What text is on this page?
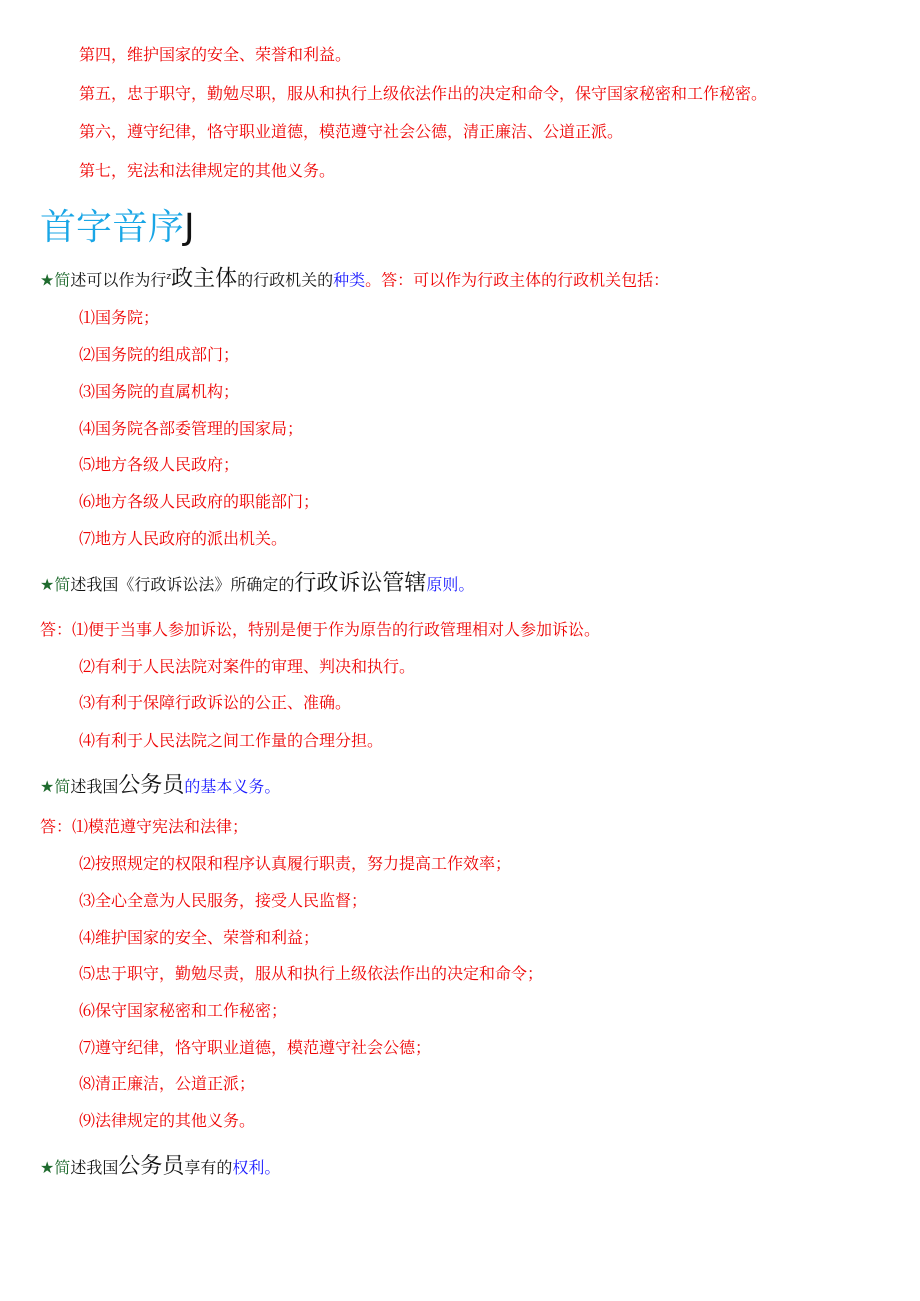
第四，维护国家的安全、荣誉和利益。
第五，忠于职守，勤勉尽职，服从和执行上级依法作出的决定和命令，保守国家秘密和工作秘密。
第六，遵守纪律，恪守职业道德，模范遵守社会公德，清正廉洁、公道正派。
第七，宪法和法律规定的其他义务。
首字音序J
★简述可以作为行$^z$政主体的行政机关的种类。答：可以作为行政主体的行政机关包括：
⑴国务院；
⑵国务院的组成部门；
⑶国务院的直属机构；
⑷国务院各部委管理的国家局；
⑸地方各级人民政府；
⑹地方各级人民政府的职能部门；
⑺地方人民政府的派出机关。
★简述我国《行政诉讼法》所确定的行政诉讼管辖原则。
答：⑴便于当事人参加诉讼，特别是便于作为原告的行政管理相对人参加诉讼。
⑵有利于人民法院对案件的审理、判决和执行。
⑶有利于保障行政诉讼的公正、准确。
⑷有利于人民法院之间工作量的合理分担。
★简述我国公务员的基本义务。
答：⑴模范遵守宪法和法律；
⑵按照规定的权限和程序认真履行职责，努力提高工作效率；
⑶全心全意为人民服务，接受人民监督；
⑷维护国家的安全、荣誉和利益；
⑸忠于职守，勤勉尽责，服从和执行上级依法作出的决定和命令；
⑹保守国家秘密和工作秘密；
⑺遵守纪律，恪守职业道德，模范遵守社会公德；
⑻清正廉洁，公道正派；
⑼法律规定的其他义务。
★简述我国公务员享有的权利。
